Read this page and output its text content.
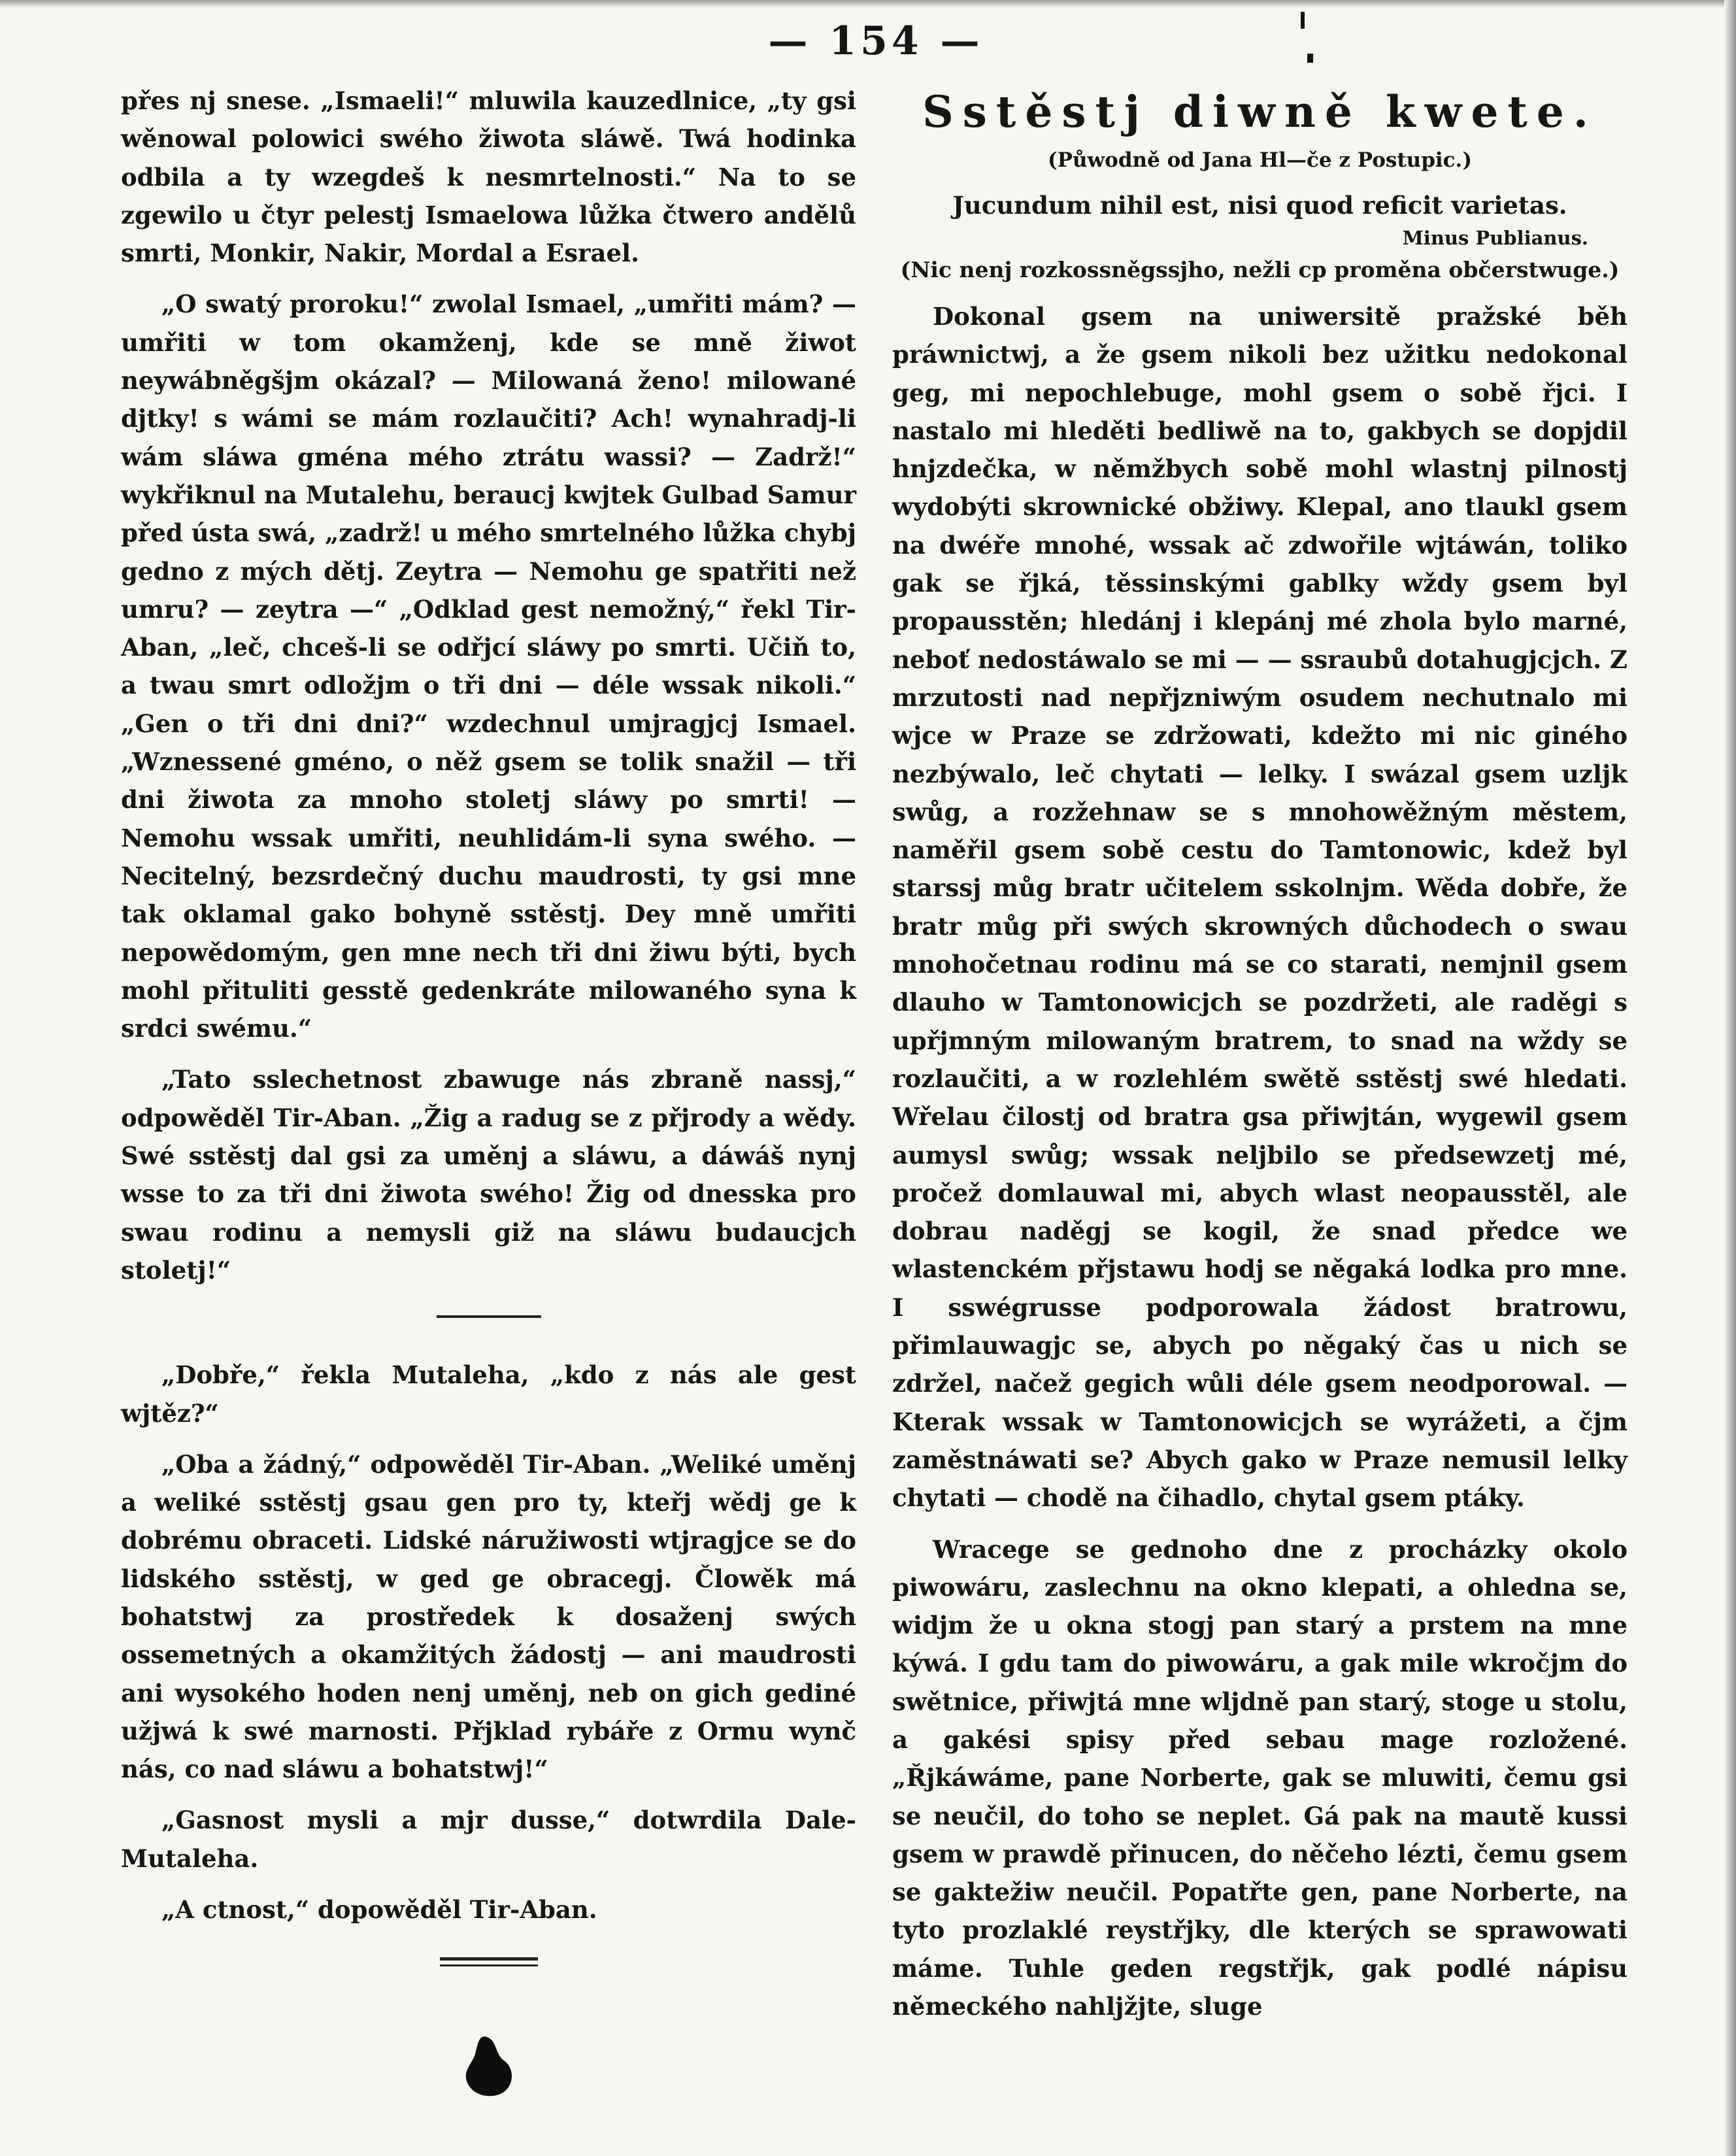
— 154 —

přes nj snese. „Ismaeli!“ mluwila kauzedlnice, „ty gsi wěnowal polowici swého žiwota sláwě. Twá hodinka odbila a ty wzegdeš k nesmrtelnosti.“ Na to se zgewilo u čtyr pelestj Ismaelowa lůžka čtwero andělů smrti, Monkir, Nakir, Mordal a Esrael.

„O swatý proroku!“ zwolal Ismael, „umřiti mám? — umřiti w tom okamženj, kde se mně žiwot neywábněgšjm okázal? — Milowaná ženo! milowané djtky! s wámi se mám rozlaučiti? Ach! wynahradj-li wám sláwa gména mého ztrátu wassi? — Zadrž!“ wykřiknul na Mutalehu, beraucj kwjtek Gulbad Samur před ústa swá, „zadrž! u mého smrtelného lůžka chybj gedno z mých dětj. Zeytra — Nemohu ge spatřiti než umru? — zeytra —“ „Odklad gest nemožný,“ řekl Tir-Aban, „leč, chceš-li se odřjcí sláwy po smrti. Učiň to, a twau smrt odložjm o tři dni — déle wssak nikoli.“ „Gen o tři dni dni?“ wzdechnul umjragjcj Ismael. „Wznessené gméno, o něž gsem se tolik snažil — tři dni žiwota za mnoho stoletj sláwy po smrti! — Nemohu wssak umřiti, neuhlidám-li syna swého. — Necitelný, bezsrdečný duchu maudrosti, ty gsi mne tak oklamal gako bohyně sstěstj. Dey mně umřiti nepowědomým, gen mne nech tři dni žiwu býti, bych mohl přituliti gesstě gedenkráte milowaného syna k srdci swému.“

„Tato sslechetnost zbawuge nás zbraně nassj,“ odpowěděl Tir-Aban. „Žig a radug se z přjrody a wědy. Swé sstěstj dal gsi za uměnj a sláwu, a dáwáš nynj wsse to za tři dni žiwota swého! Žig od dnesska pro swau rodinu a nemysli giž na sláwu budaucjch stoletj!“

„Dobře,“ řekla Mutaleha, „kdo z nás ale gest wjtěz?“

„Oba a žádný,“ odpowěděl Tir-Aban. „Weliké uměnj a weliké sstěstj gsau gen pro ty, kteřj wědj ge k dobrému obraceti. Lidské náružiwosti wtjragjce se do lidského sstěstj, w ged ge obracegj. Člowěk má bohatstwj za prostředek k dosaženj swých ossemetných a okamžitých žádostj — ani maudrosti ani wysokého hoden nenj uměnj, neb on gich gediné užjwá k swé marnosti. Přjklad rybáře z Ormu wynč nás, co nad sláwu a bohatstwj!“

„Gasnost mysli a mjr dusse,“ dotwrdila Dale-Mutaleha.

„A ctnost,“ dopowěděl Tir-Aban.

Sstěstj diwně kwete.
(Půwodně od Jana Hl—če z Postupic.)
Jucundum nihil est, nisi quod reficit varietas.
Minus Publianus.
(Nic nenj rozkossněgssjho, nežli cp proměna občerstwuge.)

Dokonal gsem na uniwersitě pražské běh práwnictwj, a že gsem nikoli bez užitku nedokonal geg, mi nepochlebuge, mohl gsem o sobě řjci. I nastalo mi hleděti bedliwě na to, gakbych se dopjdil hnjzdečka, w němžbych sobě mohl wlastnj pilnostj wydobýti skrownické obžiwy. Klepal, ano tlaukl gsem na dwéře mnohé, wssak ač zdwořile wjtáwán, toliko gak se řjká, těssinskými gablky wždy gsem byl propausstěn; hledánj i klepánj mé zhola bylo marné, neboť nedostáwalo se mi — — ssraubů dotahugjcjch. Z mrzutosti nad nepřjzniwým osudem nechutnalo mi wjce w Praze se zdržowati, kdežto mi nic giného nezbýwalo, leč chytati — lelky. I swázal gsem uzljk swůg, a rozžehnaw se s mnohowěžným městem, naměřil gsem sobě cestu do Tamtonowic, kdež byl starssj můg bratr učitelem sskolnjm. Wěda dobře, že bratr můg při swých skrowných důchodech o swau mnohočetnau rodinu má se co starati, nemjnil gsem dlauho w Tamtonowicjch se pozdržeti, ale raděgi s upřjmným milowaným bratrem, to snad na wždy se rozlaučiti, a w rozlehlém swětě sstěstj swé hledati. Wřelau čilostj od bratra gsa přiwjtán, wygewil gsem aumysl swůg; wssak neljbilo se předsewzetj mé, pročež domlauwal mi, abych wlast neopausstěl, ale dobrau naděgj se kogil, že snad předce we wlastenckém přjstawu hodj se něgaká lodka pro mne. I sswégrusse podporowala žádost bratrowu, přimlauwagjc se, abych po něgaký čas u nich se zdržel, načež gegich wůli déle gsem neodporowal. — Kterak wssak w Tamtonowicjch se wyrážeti, a čjm zaměstnáwati se? Abych gako w Praze nemusil lelky chytati — chodě na čihadlo, chytal gsem ptáky.

Wracege se gednoho dne z procházky okolo piwowáru, zaslechnu na okno klepati, a ohledna se, widjm že u okna stogj pan starý a prstem na mne kýwá. I gdu tam do piwowáru, a gak mile wkročjm do swětnice, přiwjtá mne wljdně pan starý, stoge u stolu, a gakési spisy před sebau mage rozložené. „Řjkáwáme, pane Norberte, gak se mluwiti, čemu gsi se neučil, do toho se neplet. Gá pak na mautě kussi gsem w prawdě přinucen, do něčeho lézti, čemu gsem se gaktežiw neučil. Popatřte gen, pane Norberte, na tyto prozlaklé reystřjky, dle kterých se sprawowati máme. Tuhle geden regstřjk, gak podlé nápisu německého nahljžjte, sluge
